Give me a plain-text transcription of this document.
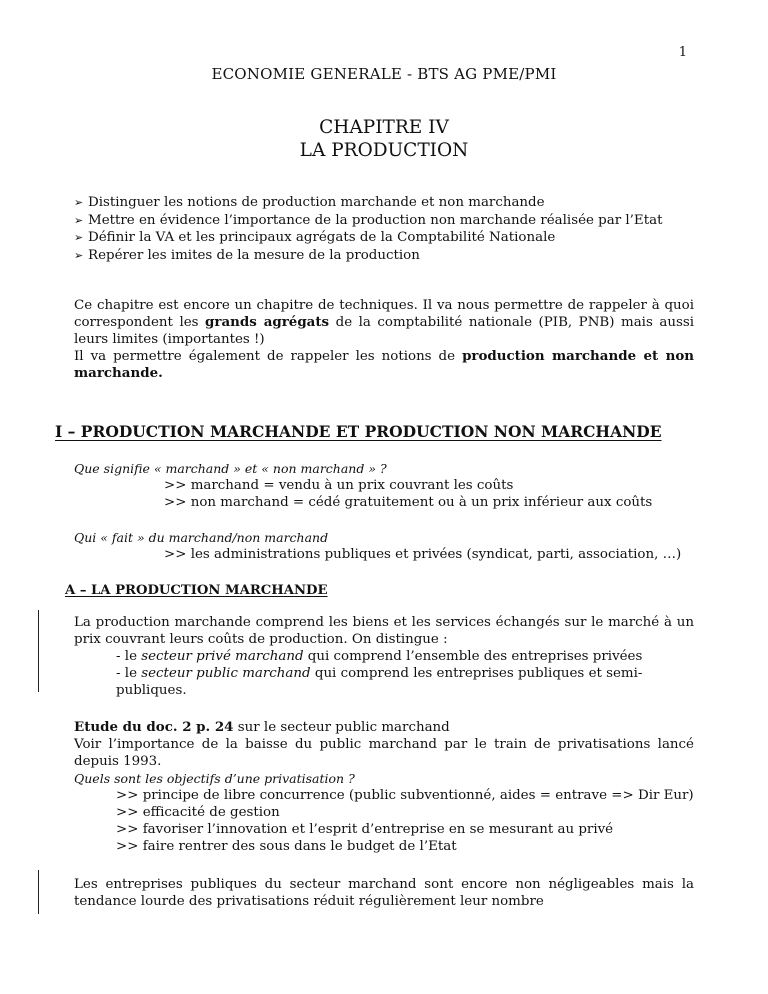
1
ECONOMIE GENERALE - BTS AG PME/PMI
CHAPITRE IV
LA PRODUCTION
➢ Distinguer les notions de production marchande et non marchande
➢ Mettre en évidence l’importance de la production non marchande réalisée par l’Etat
➢ Définir la VA et les principaux agrégats de la Comptabilité Nationale
➢ Repérer les imites de la mesure de la production

Ce chapitre est encore un chapitre de techniques. Il va nous permettre de rappeler à quoi correspondent les grands agrégats de la comptabilité nationale (PIB, PNB) mais aussi leurs limites (importantes !)

Il va permettre également de rappeler les notions de production marchande et non marchande.

I – PRODUCTION MARCHANDE ET PRODUCTION NON MARCHANDE
Que signifie « marchand » et « non marchand » ?
>> marchand = vendu à un prix couvrant les coûts
>> non marchand = cédé gratuitement ou à un prix inférieur aux coûts
Qui « fait » du marchand/non marchand
>> les administrations publiques et privées (syndicat, parti, association, …)
A – LA PRODUCTION MARCHANDE

La production marchande comprend les biens et les services échangés sur le marché à un prix couvrant leurs coûts de production. On distingue :

- le secteur privé marchand qui comprend l’ensemble des entreprises privées

- le secteur public marchand qui comprend les entreprises publiques et semi-

publiques.

Etude du doc. 2 p. 24 sur le secteur public marchand

Voir l’importance de la baisse du public marchand par le train de privatisations lancé depuis 1993.

Quels sont les objectifs d’une privatisation ?

>> principe de libre concurrence (public subventionné, aides = entrave => Dir Eur)

>> efficacité de gestion

>> favoriser l’innovation et l’esprit d’entreprise en se mesurant au privé

>> faire rentrer des sous dans le budget de l’Etat

Les entreprises publiques du secteur marchand sont encore non négligeables mais la tendance lourde des privatisations réduit régulièrement leur nombre
